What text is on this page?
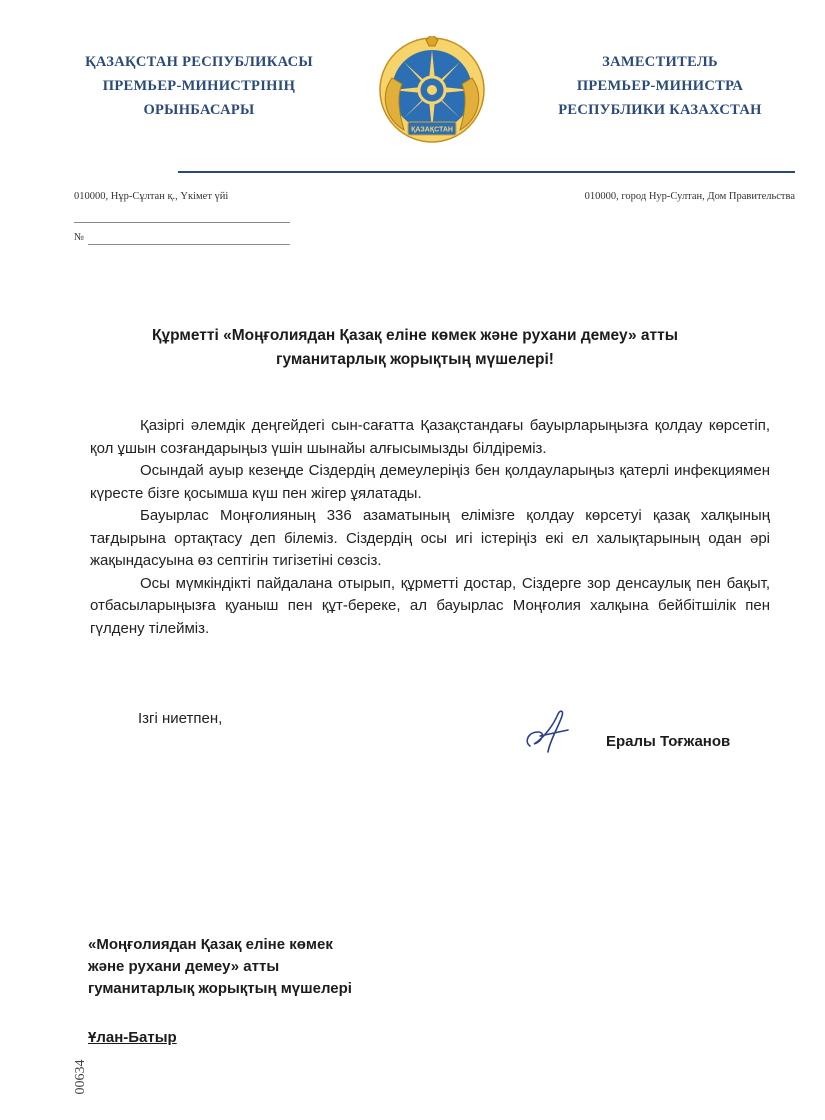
ҚАЗАҚСТАН РЕСПУБЛИКАСЫ
ПРЕМЬЕР-МИНИСТРІНІҢ
ОРЫНБАСАРЫ
ҚАЗАҚСТАН
ЗАМЕСТИТЕЛЬ
ПРЕМЬЕР-МИНИСТРА
РЕСПУБЛИКИ КАЗАХСТАН
010000, Нұр-Сұлтан қ., Үкімет үйі	010000, город Нур-Султан, Дом Правительства
№
Құрметті «Моңғолиядан Қазақ еліне көмек және рухани демеу» атты
гуманитарлық жорықтың мүшелері!

Қазіргі әлемдік деңгейдегі сын-сағатта Қазақстандағы бауырларыңызға қолдау көрсетіп, қол ұшын созғандарыңыз үшін шынайы алғысымызды білдіреміз.

Осындай ауыр кезеңде Сіздердің демеулеріңіз бен қолдауларыңыз қатерлі инфекциямен күресте бізге қосымша күш пен жігер ұялатады.

Бауырлас Моңғолияның 336 азаматының елімізге қолдау көрсетуі қазақ халқының тағдырына ортақтасу деп білеміз. Сіздердің осы игі істеріңіз екі ел халықтарының одан әрі жақындасуына өз септігін тигізетіні сөзсіз.

Осы мүмкіндікті пайдалана отырып, құрметті достар, Сіздерге зор денсаулық пен бақыт, отбасыларыңызға қуаныш пен құт-береке, ал бауырлас Моңғолия халқына бейбітшілік пен гүлдену тілейміз.

Ізгі ниетпен,
Ералы Тоғжанов
«Моңғолиядан Қазақ еліне көмек
және рухани демеу» атты
гуманитарлық жорықтың мүшелері
Ұлан-Батыр
00634
